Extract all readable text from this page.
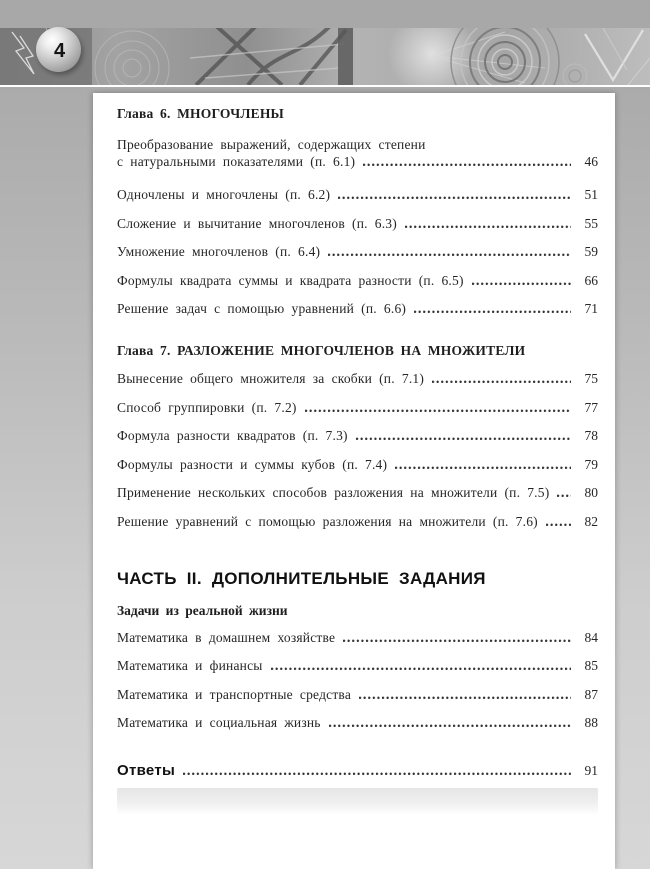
4
Глава 6. МНОГОЧЛЕНЫ
Преобразование выражений, содержащих степени
с натуральными показателями (п. 6.1)	46
Одночлены и многочлены (п. 6.2)	51
Сложение и вычитание многочленов (п. 6.3)	55
Умножение многочленов (п. 6.4)	59
Формулы квадрата суммы и квадрата разности (п. 6.5)	66
Решение задач с помощью уравнений (п. 6.6)	71
Глава 7. РАЗЛОЖЕНИЕ МНОГОЧЛЕНОВ НА МНОЖИТЕЛИ
Вынесение общего множителя за скобки (п. 7.1)	75
Способ группировки (п. 7.2)	77
Формула разности квадратов (п. 7.3)	78
Формулы разности и суммы кубов (п. 7.4)	79
Применение нескольких способов разложения на множители (п. 7.5)	80
Решение уравнений с помощью разложения на множители (п. 7.6)	82
ЧАСТЬ II. ДОПОЛНИТЕЛЬНЫЕ ЗАДАНИЯ
Задачи из реальной жизни
Математика в домашнем хозяйстве	84
Математика и финансы	85
Математика и транспортные средства	87
Математика и социальная жизнь	88
Ответы	91
